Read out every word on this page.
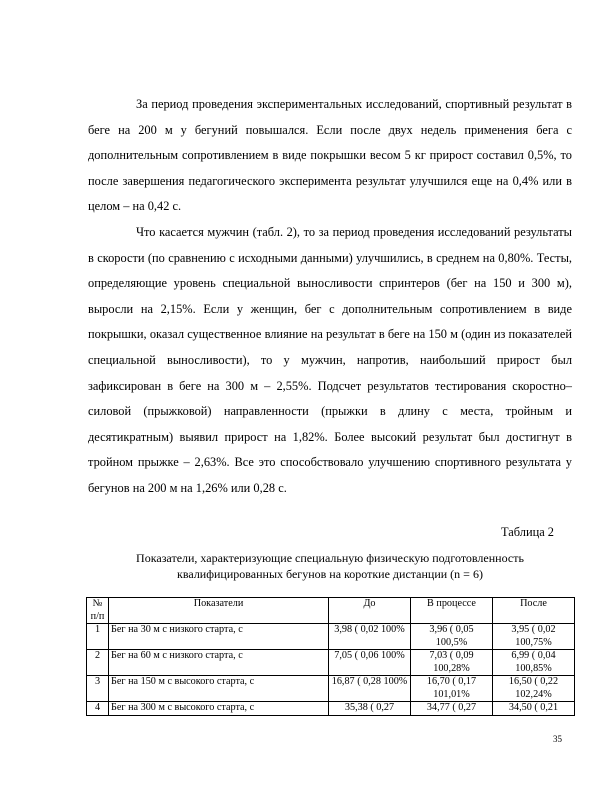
За период проведения экспериментальных исследований, спортивный результат в беге на 200 м у бегуний повышался. Если после двух недель применения бега с дополнительным сопротивлением в виде покрышки весом 5 кг прирост составил 0,5%, то после завершения педагогического эксперимента результат улучшился еще на 0,4% или в целом – на 0,42 с.

Что касается мужчин (табл. 2), то за период проведения исследований результаты в скорости (по сравнению с исходными данными) улучшились, в среднем на 0,80%. Тесты, определяющие уровень специальной выносливости спринтеров (бег на 150 и 300 м), выросли на 2,15%. Если у женщин, бег с дополнительным сопротивлением в виде покрышки, оказал существенное влияние на результат в беге на 150 м (один из показателей специальной выносливости), то у мужчин, напротив, наибольший прирост был зафиксирован в беге на 300 м – 2,55%. Подсчет результатов тестирования скоростно–силовой (прыжковой) направленности (прыжки в длину с места, тройным и десятикратным) выявил прирост на 1,82%. Более высокий результат был достигнут в тройном прыжке – 2,63%. Все это способствовало улучшению спортивного результата у бегунов на 200 м на 1,26% или 0,28 с.

Таблица 2
Показатели, характеризующие специальную физическую подготовленность квалифицированных бегунов на короткие дистанции (n = 6)
№ п/п	Показатели	До	В процессе	После
1	Бег на 30 м с низкого старта, с	3,98 ( 0,02 100%	3,96 ( 0,05 100,5%	3,95 ( 0,02 100,75%
2	Бег на 60 м с низкого старта, с	7,05 ( 0,06 100%	7,03 ( 0,09 100,28%	6,99 ( 0,04 100,85%
3	Бег на 150 м с высокого старта, с	16,87 ( 0,28 100%	16,70 ( 0,17 101,01%	16,50 ( 0,22 102,24%
4	Бег на 300 м с высокого старта, с	35,38 ( 0,27	34,77 ( 0,27	34,50 ( 0,21
35
